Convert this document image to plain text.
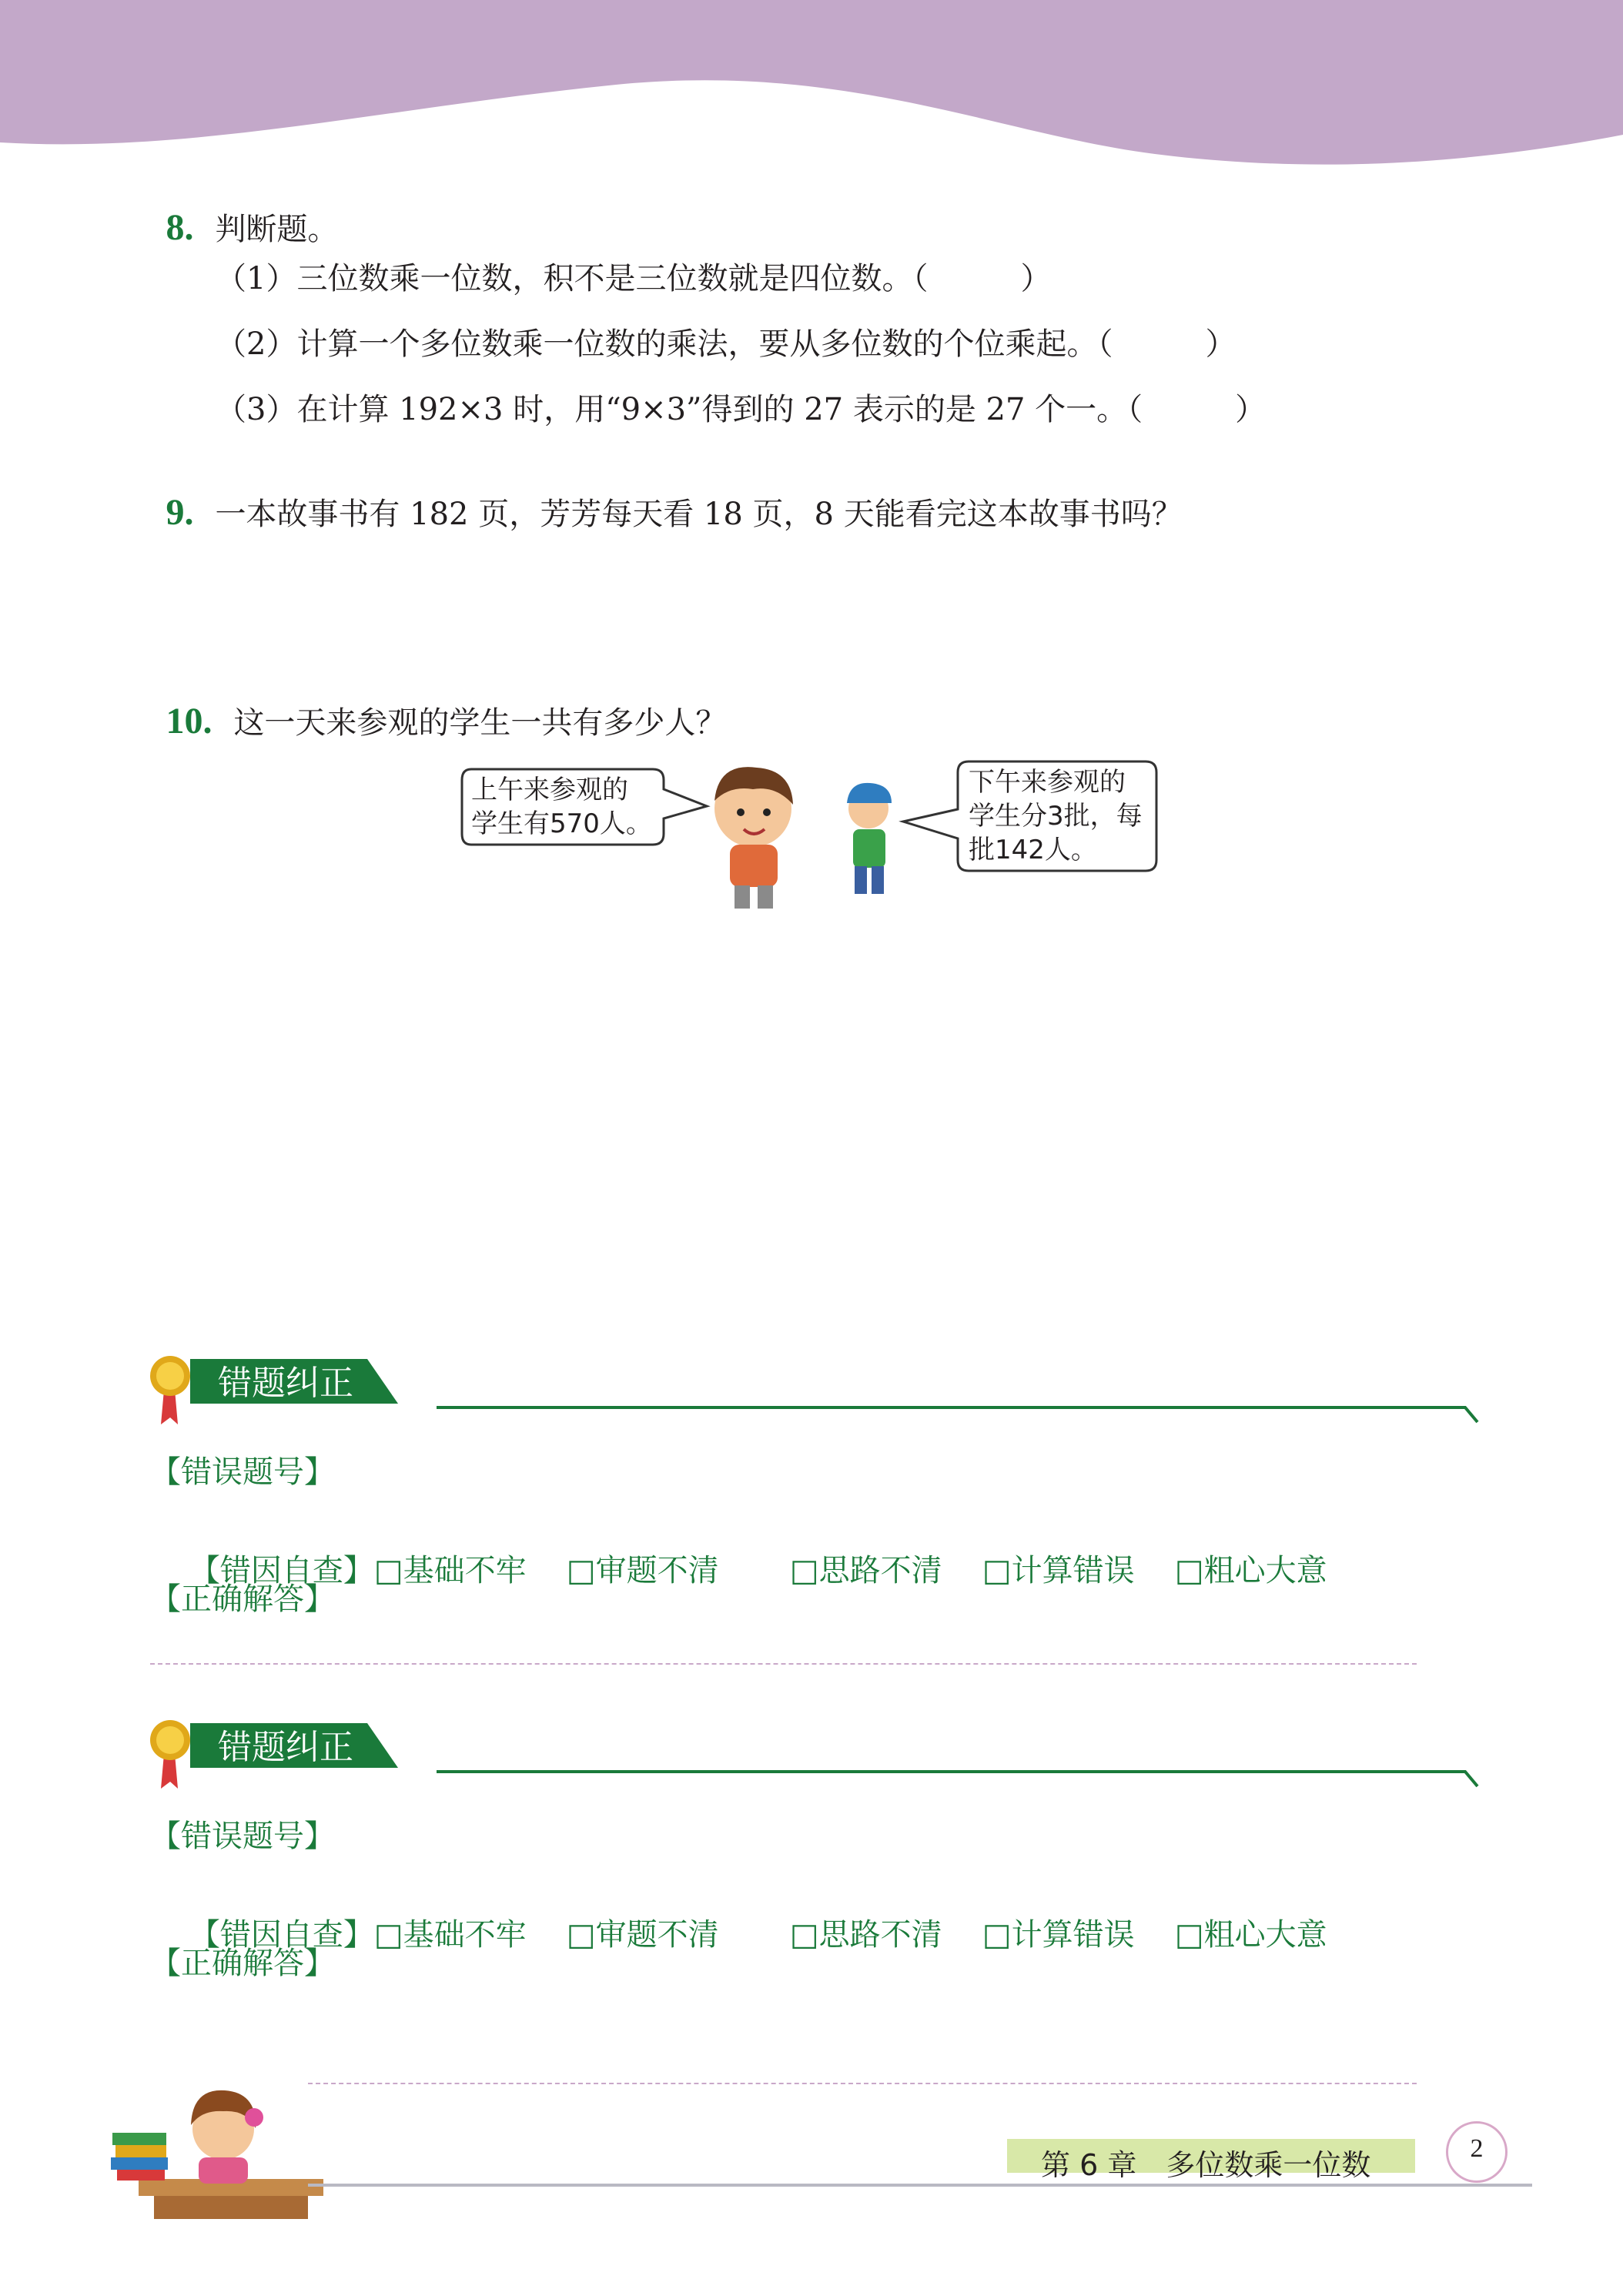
8. 判断题。

（1）三位数乘一位数，积不是三位数就是四位数。（　　　）
（2）计算一个多位数乘一位数的乘法，要从多位数的个位乘起。（　　　）
（3）在计算 192×3 时，用“9×3”得到的 27 表示的是 27 个一。（　　　）

9. 一本故事书有 182 页，芳芳每天看 18 页，8 天能看完这本故事书吗？

10. 这一天来参观的学生一共有多少人？

上午来参观的
学生有570人。
下午来参观的
学生分3批，每
批142人。
错题纠正
【错误题号】

【错因自查】□基础不牢 □审题不清 □思路不清 □计算错误 □粗心大意

【正确解答】
错题纠正
【错误题号】

【错因自查】□基础不牢 □审题不清 □思路不清 □计算错误 □粗心大意

【正确解答】
第 6 章　多位数乘一位数	2
